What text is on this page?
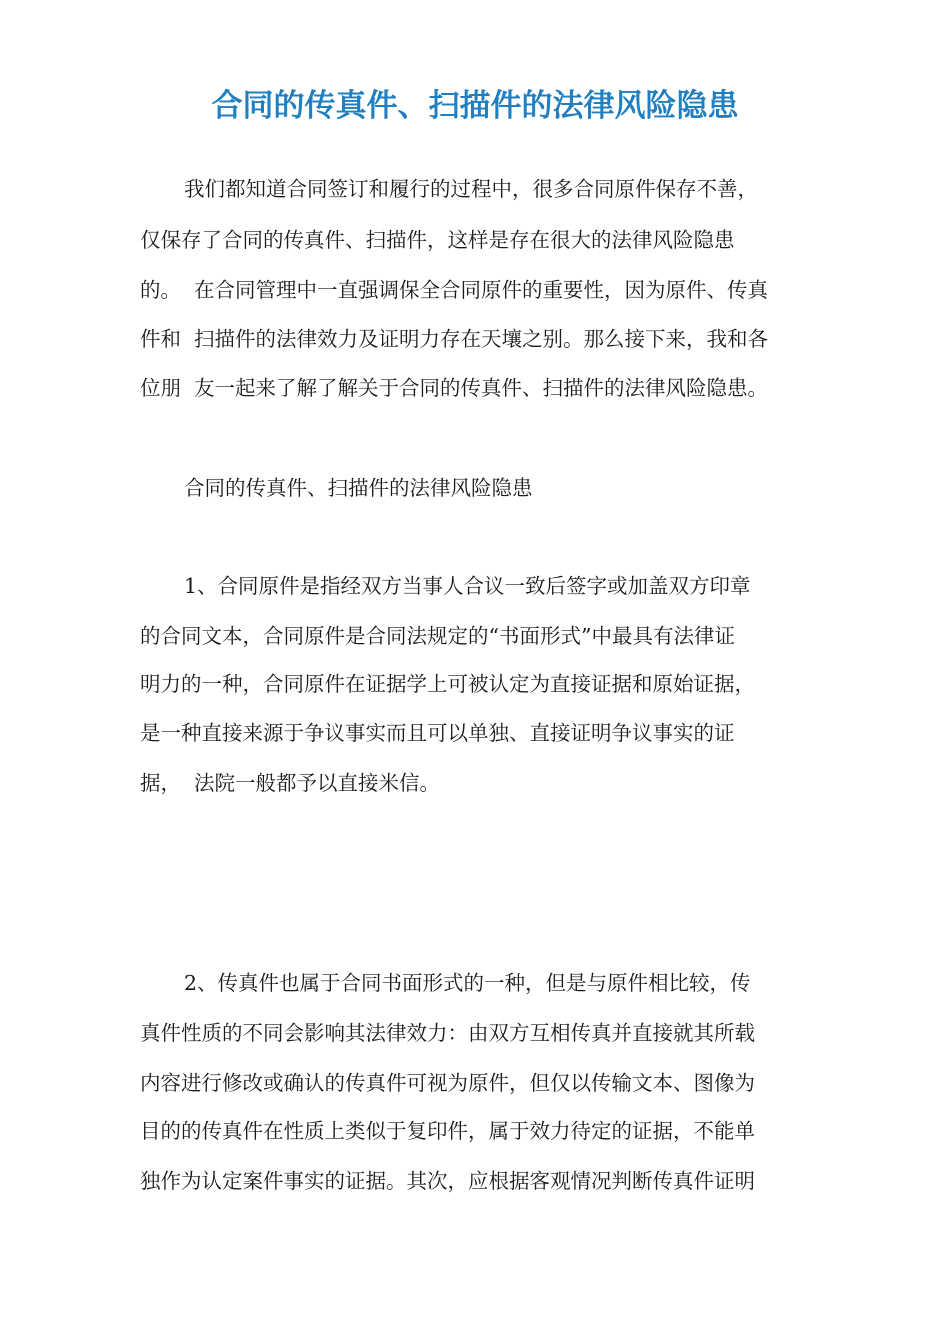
合同的传真件、扫描件的法律风险隐患

我们都知道合同签订和履行的过程中，很多合同原件保存不善，

仅保存了合同的传真件、扫描件，这样是存在很大的法律风险隐患

的。  在合同管理中一直强调保全合同原件的重要性，因为原件、传真

件和  扫描件的法律效力及证明力存在天壤之别。那么接下来，我和各

位朋  友一起来了解了解关于合同的传真件、扫描件的法律风险隐患。

合同的传真件、扫描件的法律风险隐患

1、合同原件是指经双方当事人合议一致后签字或加盖双方印章

的合同文本，合同原件是合同法规定的“书面形式”中最具有法律证

明力的一种，合同原件在证据学上可被认定为直接证据和原始证据，

是一种直接来源于争议事实而且可以单独、直接证明争议事实的证

据，  法院一般都予以直接米信。

2、传真件也属于合同书面形式的一种，但是与原件相比较，传

真件性质的不同会影响其法律效力：由双方互相传真并直接就其所载

内容进行修改或确认的传真件可视为原件，但仅以传输文本、图像为

目的的传真件在性质上类似于复印件，属于效力待定的证据，不能单

独作为认定案件事实的证据。其次，应根据客观情况判断传真件证明
